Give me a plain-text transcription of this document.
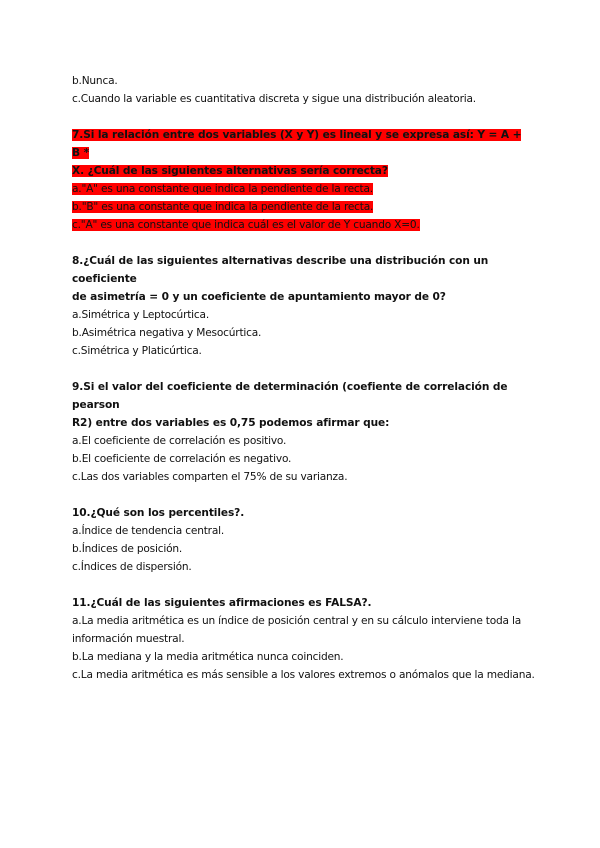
b.Nunca.
c.Cuando la variable es cuantitativa discreta y sigue una distribución aleatoria.
7.Si la relación entre dos variables (X y Y) es lineal y se expresa así: Y = A + B *
X. ¿Cuál de las siguientes alternativas sería correcta?
a."A" es una constante que indica la pendiente de la recta.
b."B" es una constante que indica la pendiente de la recta.
c."A" es una constante que indica cuál es el valor de Y cuando X=0.
8.¿Cuál de las siguientes alternativas describe una distribución con un coeficiente
de asimetría = 0 y un coeficiente de apuntamiento mayor de 0?
a.Simétrica y Leptocúrtica.
b.Asimétrica negativa y Mesocúrtica.
c.Simétrica y Platicúrtica.
9.Si el valor del coeficiente de determinación (coefiente de correlación de pearson
R2) entre dos variables es 0,75 podemos afirmar que:
a.El coeficiente de correlación es positivo.
b.El coeficiente de correlación es negativo.
c.Las dos variables comparten el 75% de su varianza.
10.¿Qué son los percentiles?.
a.Índice de tendencia central.
b.Índices de posición.
c.Índices de dispersión.
11.¿Cuál de las siguientes afirmaciones es FALSA?.
a.La media aritmética es un índice de posición central y en su cálculo interviene toda la
información muestral.
b.La mediana y la media aritmética nunca coinciden.
c.La media aritmética es más sensible a los valores extremos o anómalos que la mediana.
